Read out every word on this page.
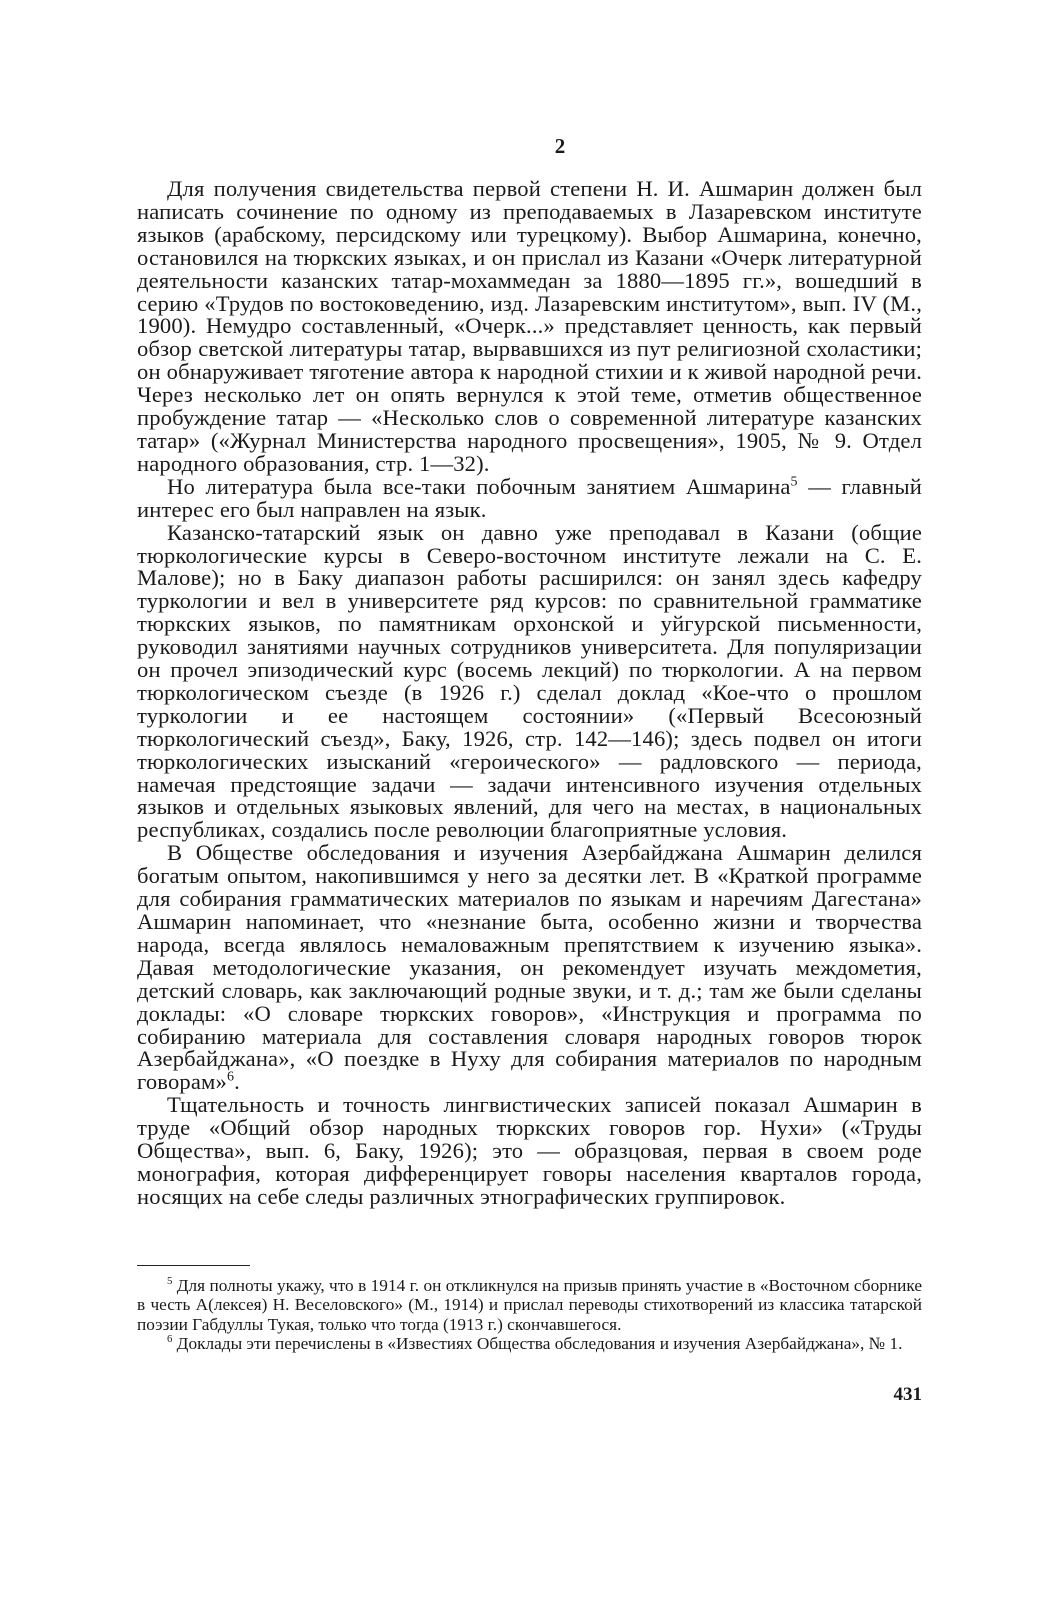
2

Для получения свидетельства первой степени Н. И. Ашмарин должен был написать сочинение по одному из преподаваемых в Лазаревском институте языков (арабскому, персидскому или турецкому). Выбор Ашмарина, конечно, остановился на тюркских языках, и он прислал из Казани «Очерк литературной деятельности казанских татар-мохаммедан за 1880—1895 гг.», вошедший в серию «Трудов по востоковедению, изд. Лазаревским институтом», вып. IV (М., 1900). Немудро составленный, «Очерк...» представляет ценность, как первый обзор светской литературы татар, вырвавшихся из пут религиозной схоластики; он обнаруживает тяготение автора к народной стихии и к живой народной речи. Через несколько лет он опять вернулся к этой теме, отметив общественное пробуждение татар — «Несколько слов о современной литературе казанских татар» («Журнал Министерства народного просвещения», 1905, № 9. Отдел народного образования, стр. 1—32).

Но литература была все-таки побочным занятием Ашмарина$^5$ — главный интерес его был направлен на язык.

Казанско-татарский язык он давно уже преподавал в Казани (общие тюркологические курсы в Северо-восточном институте лежали на С. Е. Малове); но в Баку диапазон работы расширился: он занял здесь кафедру туркологии и вел в университете ряд курсов: по сравнительной грамматике тюркских языков, по памятникам орхонской и уйгурской письменности, руководил занятиями научных сотрудников университета. Для популяризации он прочел эпизодический курс (восемь лекций) по тюркологии. А на первом тюркологическом съезде (в 1926 г.) сделал доклад «Кое-что о прошлом туркологии и ее настоящем состоянии» («Первый Всесоюзный тюркологический съезд», Баку, 1926, стр. 142—146); здесь подвел он итоги тюркологических изысканий «героического» — радловского — периода, намечая предстоящие задачи — задачи интенсивного изучения отдельных языков и отдельных языковых явлений, для чего на местах, в национальных республиках, создались после революции благоприятные условия.

В Обществе обследования и изучения Азербайджана Ашмарин делился богатым опытом, накопившимся у него за десятки лет. В «Краткой программе для собирания грамматических материалов по языкам и наречиям Дагестана» Ашмарин напоминает, что «незнание быта, особенно жизни и творчества народа, всегда являлось немаловажным препятствием к изучению языка». Давая методологические указания, он рекомендует изучать междометия, детский словарь, как заключающий родные звуки, и т. д.; там же были сделаны доклады: «О словаре тюркских говоров», «Инструкция и программа по собиранию материала для составления словаря народных говоров тюрок Азербайджана», «О поездке в Нуху для собирания материалов по народным говорам»$^6$.

Тщательность и точность лингвистических записей показал Ашмарин в труде «Общий обзор народных тюркских говоров гор. Нухи» («Труды Общества», вып. 6, Баку, 1926); это — образцовая, первая в своем роде монография, которая дифференцирует говоры населения кварталов города, носящих на себе следы различных этнографических группировок.

$^5$ Для полноты укажу, что в 1914 г. он откликнулся на призыв принять участие в «Восточном сборнике в честь А(лексея) Н. Веселовского» (М., 1914) и прислал переводы стихотворений из классика татарской поэзии Габдуллы Тукая, только что тогда (1913 г.) скончавшегося.

$^6$ Доклады эти перечислены в «Известиях Общества обследования и изучения Азербайджана», № 1.

431
